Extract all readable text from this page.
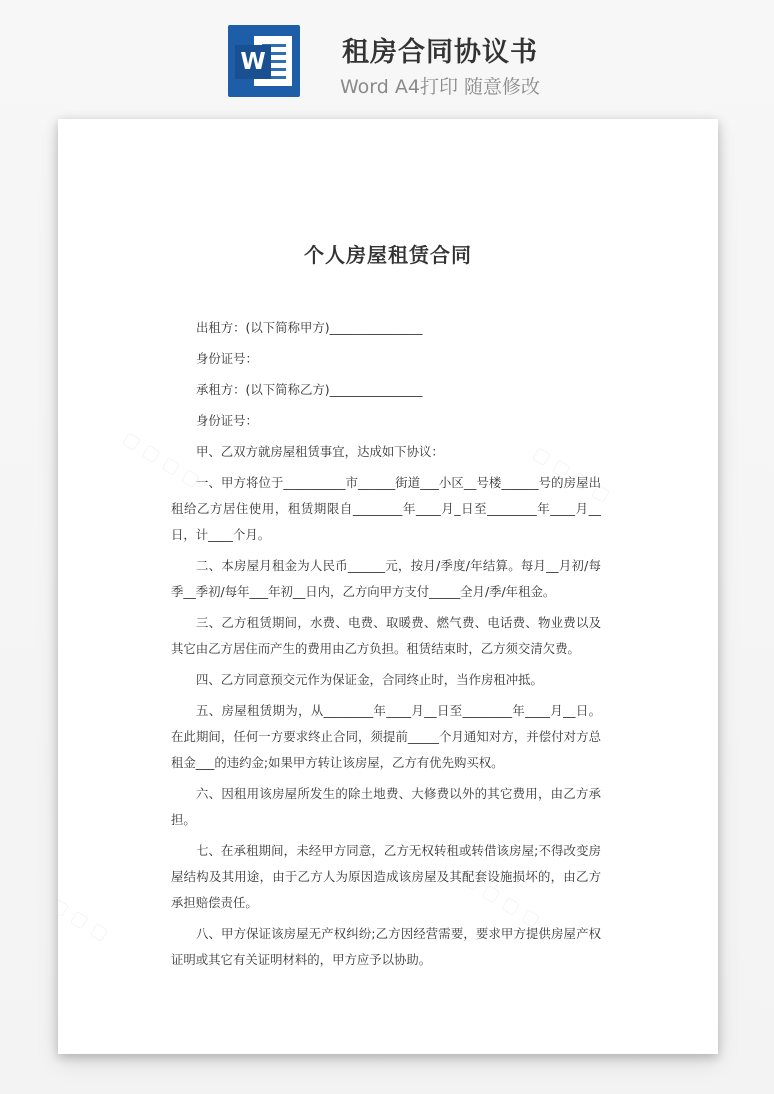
W	租房合同协议书
Word A4打印 随意修改
个人房屋租赁合同

出租方：(以下简称甲方)_______________

身份证号：

承租方：(以下简称乙方)_______________

身份证号：

甲、乙双方就房屋租赁事宜，达成如下协议：

一、甲方将位于__________市______街道___小区__号楼______号的房屋出租给乙方居住使用，租赁期限自________年____月_日至________年____月__日，计____个月。

二、本房屋月租金为人民币______元，按月/季度/年结算。每月__月初/每季__季初/每年___年初__日内，乙方向甲方支付_____全月/季/年租金。

三、乙方租赁期间，水费、电费、取暖费、燃气费、电话费、物业费以及其它由乙方居住而产生的费用由乙方负担。租赁结束时，乙方须交清欠费。

四、乙方同意预交元作为保证金，合同终止时，当作房租冲抵。

五、房屋租赁期为，从________年____月__日至________年____月__日。在此期间，任何一方要求终止合同，须提前_____个月通知对方，并偿付对方总租金___的违约金;如果甲方转让该房屋，乙方有优先购买权。

六、因租用该房屋所发生的除土地费、大修费以外的其它费用，由乙方承担。

七、在承租期间，未经甲方同意，乙方无权转租或转借该房屋;不得改变房屋结构及其用途，由于乙方人为原因造成该房屋及其配套设施损坏的，由乙方承担赔偿责任。

八、甲方保证该房屋无产权纠纷;乙方因经营需要，要求甲方提供房屋产权证明或其它有关证明材料的，甲方应予以协助。
